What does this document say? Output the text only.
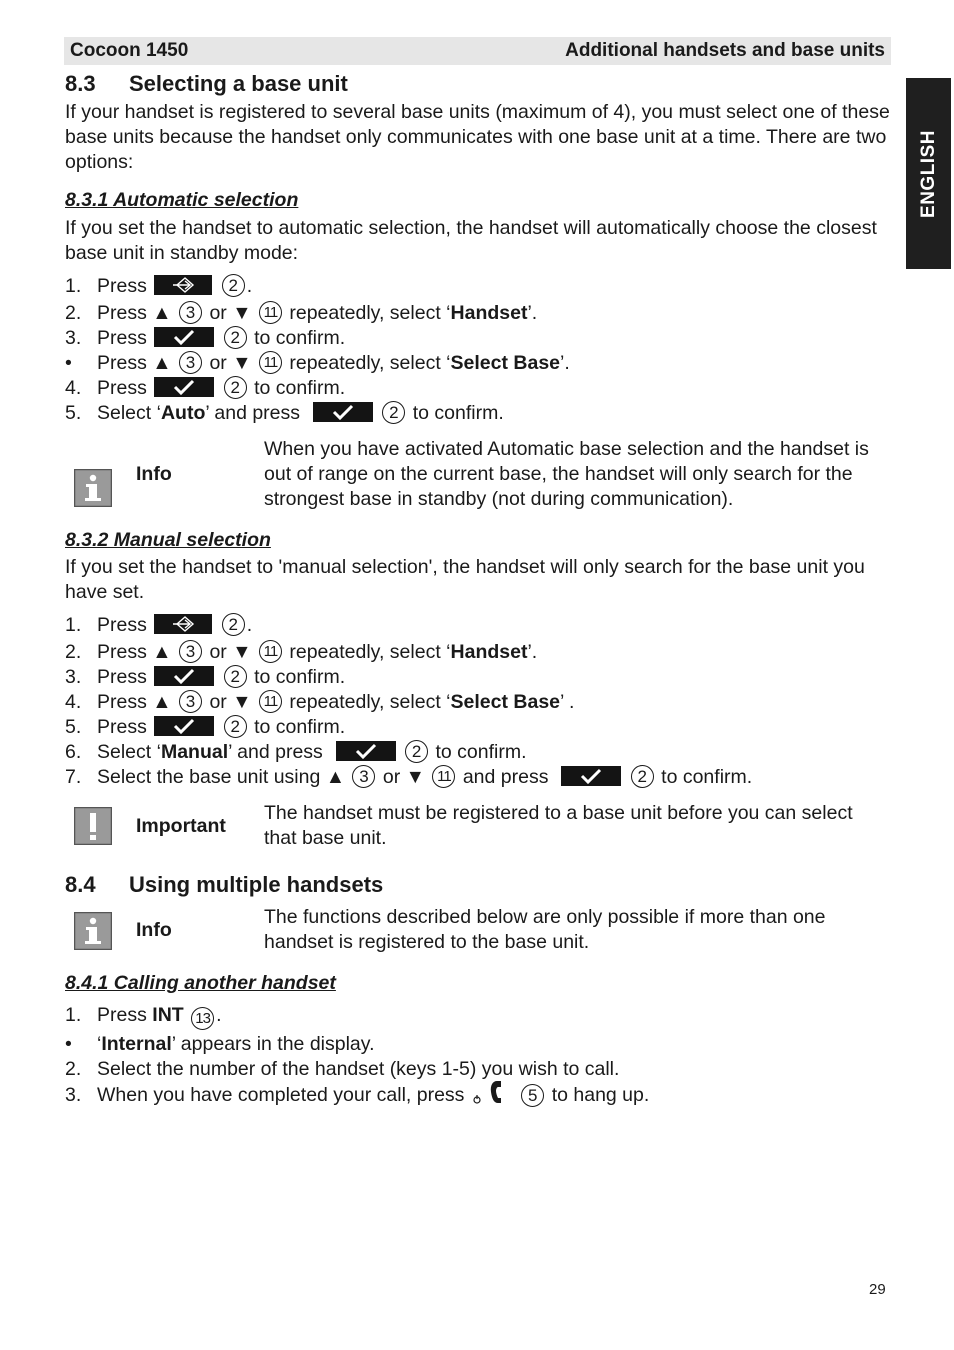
Cocoon 1450	Additional handsets and base units
ENGLISH
8.3 Selecting a base unit
If your handset is registered to several base units (maximum of 4), you must select one of these base units because the handset only communicates with one base unit at a time. There are two options:
8.3.1 Automatic selection
If you set the handset to automatic selection, the handset will automatically choose the closest base unit in standby mode:
1. Press	2 .
2. Press ▲ 3 or ▼ 11 repeatedly, select ‘Handset’.
3. Press	2 to confirm.
• Press ▲ 3 or ▼ 11 repeatedly, select ‘Select Base’.
4. Press	2 to confirm.
5. Select ‘Auto’ and press	2 to confirm.
Info
When you have activated Automatic base selection and the handset is out of range on the current base, the handset will only search for the strongest base in standby (not during communication).
8.3.2 Manual selection
If you set the handset to 'manual selection', the handset will only search for the base unit you have set.
1. Press	2 .
2. Press ▲ 3 or ▼ 11 repeatedly, select ‘Handset’.
3. Press	2 to confirm.
4. Press ▲ 3 or ▼ 11 repeatedly, select ‘Select Base’ .
5. Press	2 to confirm.
6. Select ‘Manual’ and press	2 to confirm.
7. Select the base unit using ▲ 3 or ▼ 11 and press	2 to confirm.
Important
The handset must be registered to a base unit before you can select that base unit.
8.4 Using multiple handsets
Info
The functions described below are only possible if more than one handset is registered to the base unit.
8.4.1 Calling another handset
1. Press INT 13 .
• ‘Internal’ appears in the display.
2. Select the number of the handset (keys 1-5) you wish to call.
3. When you have completed your call, press	5 to hang up.
29
